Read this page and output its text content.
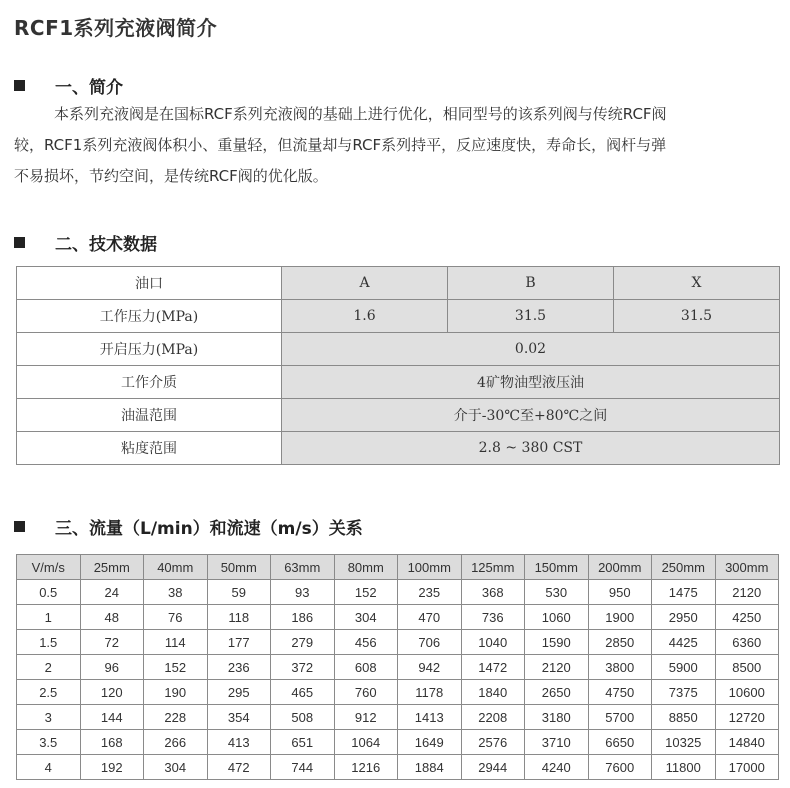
RCF1系列充液阀简介
一、简介

本系列充液阀是在国标RCF系列充液阀的基础上进行优化，相同型号的该系列阀与传统RCF阀

较，RCF1系列充液阀体积小、重量轻，但流量却与RCF系列持平，反应速度快，寿命长，阀杆与弹

不易损坏，节约空间，是传统RCF阀的优化版。

二、技术数据
油口	A	B	X
工作压力(MPa)	1.6	31.5	31.5
开启压力(MPa)	0.02		
工作介质	4矿物油型液压油		
油温范围	介于-30℃至+80℃之间		
粘度范围	2.8 ~ 380 CST		
三、流量（L/min）和流速（m/s）关系
V/m/s	25mm	40mm	50mm	63mm	80mm	100mm	125mm	150mm	200mm	250mm	300mm
0.5	24	38	59	93	152	235	368	530	950	1475	2120
1	48	76	118	186	304	470	736	1060	1900	2950	4250
1.5	72	114	177	279	456	706	1040	1590	2850	4425	6360
2	96	152	236	372	608	942	1472	2120	3800	5900	8500
2.5	120	190	295	465	760	1178	1840	2650	4750	7375	10600
3	144	228	354	508	912	1413	2208	3180	5700	8850	12720
3.5	168	266	413	651	1064	1649	2576	3710	6650	10325	14840
4	192	304	472	744	1216	1884	2944	4240	7600	11800	17000
